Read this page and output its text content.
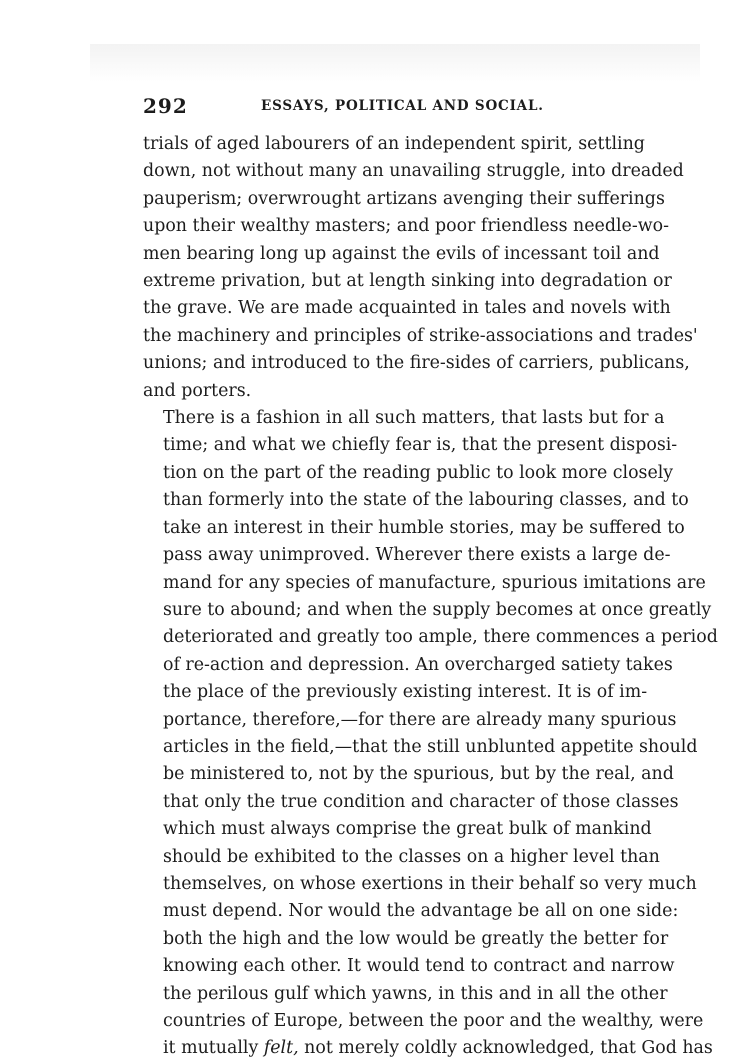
292	ESSAYS, POLITICAL AND SOCIAL.

trials of aged labourers of an independent spirit, settling
down, not without many an unavailing struggle, into dreaded
pauperism; overwrought artizans avenging their sufferings
upon their wealthy masters; and poor friendless needle-wo-
men bearing long up against the evils of incessant toil and
extreme privation, but at length sinking into degradation or
the grave. We are made acquainted in tales and novels with
the machinery and principles of strike-associations and trades'
unions; and introduced to the fire-sides of carriers, publicans,
and porters.

There is a fashion in all such matters, that lasts but for a
time; and what we chiefly fear is, that the present disposi-
tion on the part of the reading public to look more closely
than formerly into the state of the labouring classes, and to
take an interest in their humble stories, may be suffered to
pass away unimproved. Wherever there exists a large de-
mand for any species of manufacture, spurious imitations are
sure to abound; and when the supply becomes at once greatly
deteriorated and greatly too ample, there commences a period
of re-action and depression. An overcharged satiety takes
the place of the previously existing interest. It is of im-
portance, therefore,—for there are already many spurious
articles in the field,—that the still unblunted appetite should
be ministered to, not by the spurious, but by the real, and
that only the true condition and character of those classes
which must always comprise the great bulk of mankind
should be exhibited to the classes on a higher level than
themselves, on whose exertions in their behalf so very much
must depend. Nor would the advantage be all on one side:
both the high and the low would be greatly the better for
knowing each other. It would tend to contract and narrow
the perilous gulf which yawns, in this and in all the other
countries of Europe, between the poor and the wealthy, were
it mutually felt, not merely coldly acknowledged, that God has
